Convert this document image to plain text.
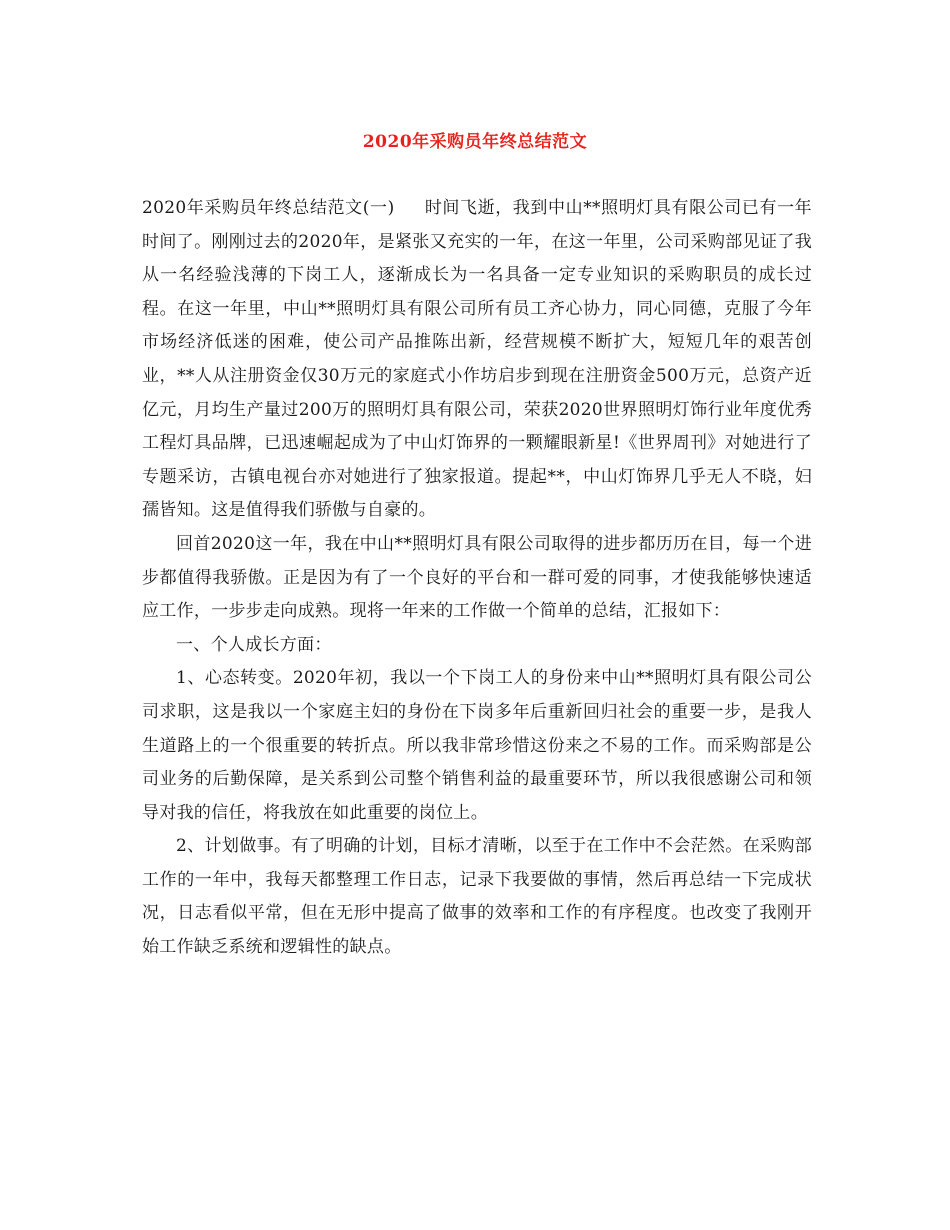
2020年采购员年终总结范文

2020年采购员年终总结范文(一) 时间飞逝，我到中山**照明灯具有限公司已有一年时间了。刚刚过去的2020年，是紧张又充实的一年，在这一年里，公司采购部见证了我从一名经验浅薄的下岗工人，逐渐成长为一名具备一定专业知识的采购职员的成长过程。在这一年里，中山**照明灯具有限公司所有员工齐心协力，同心同德，克服了今年市场经济低迷的困难，使公司产品推陈出新，经营规模不断扩大，短短几年的艰苦创业，**人从注册资金仅30万元的家庭式小作坊启步到现在注册资金500万元，总资产近亿元，月均生产量过200万的照明灯具有限公司，荣获2020世界照明灯饰行业年度优秀工程灯具品牌，已迅速崛起成为了中山灯饰界的一颗耀眼新星!《世界周刊》对她进行了专题采访，古镇电视台亦对她进行了独家报道。提起**，中山灯饰界几乎无人不晓，妇孺皆知。这是值得我们骄傲与自豪的。

回首2020这一年，我在中山**照明灯具有限公司取得的进步都历历在目，每一个进步都值得我骄傲。正是因为有了一个良好的平台和一群可爱的同事，才使我能够快速适应工作，一步步走向成熟。现将一年来的工作做一个简单的总结，汇报如下：

一、个人成长方面：

1、心态转变。2020年初，我以一个下岗工人的身份来中山**照明灯具有限公司公司求职，这是我以一个家庭主妇的身份在下岗多年后重新回归社会的重要一步，是我人生道路上的一个很重要的转折点。所以我非常珍惜这份来之不易的工作。而采购部是公司业务的后勤保障，是关系到公司整个销售利益的最重要环节，所以我很感谢公司和领导对我的信任，将我放在如此重要的岗位上。

2、计划做事。有了明确的计划，目标才清晰，以至于在工作中不会茫然。在采购部工作的一年中，我每天都整理工作日志，记录下我要做的事情，然后再总结一下完成状况，日志看似平常，但在无形中提高了做事的效率和工作的有序程度。也改变了我刚开始工作缺乏系统和逻辑性的缺点。
